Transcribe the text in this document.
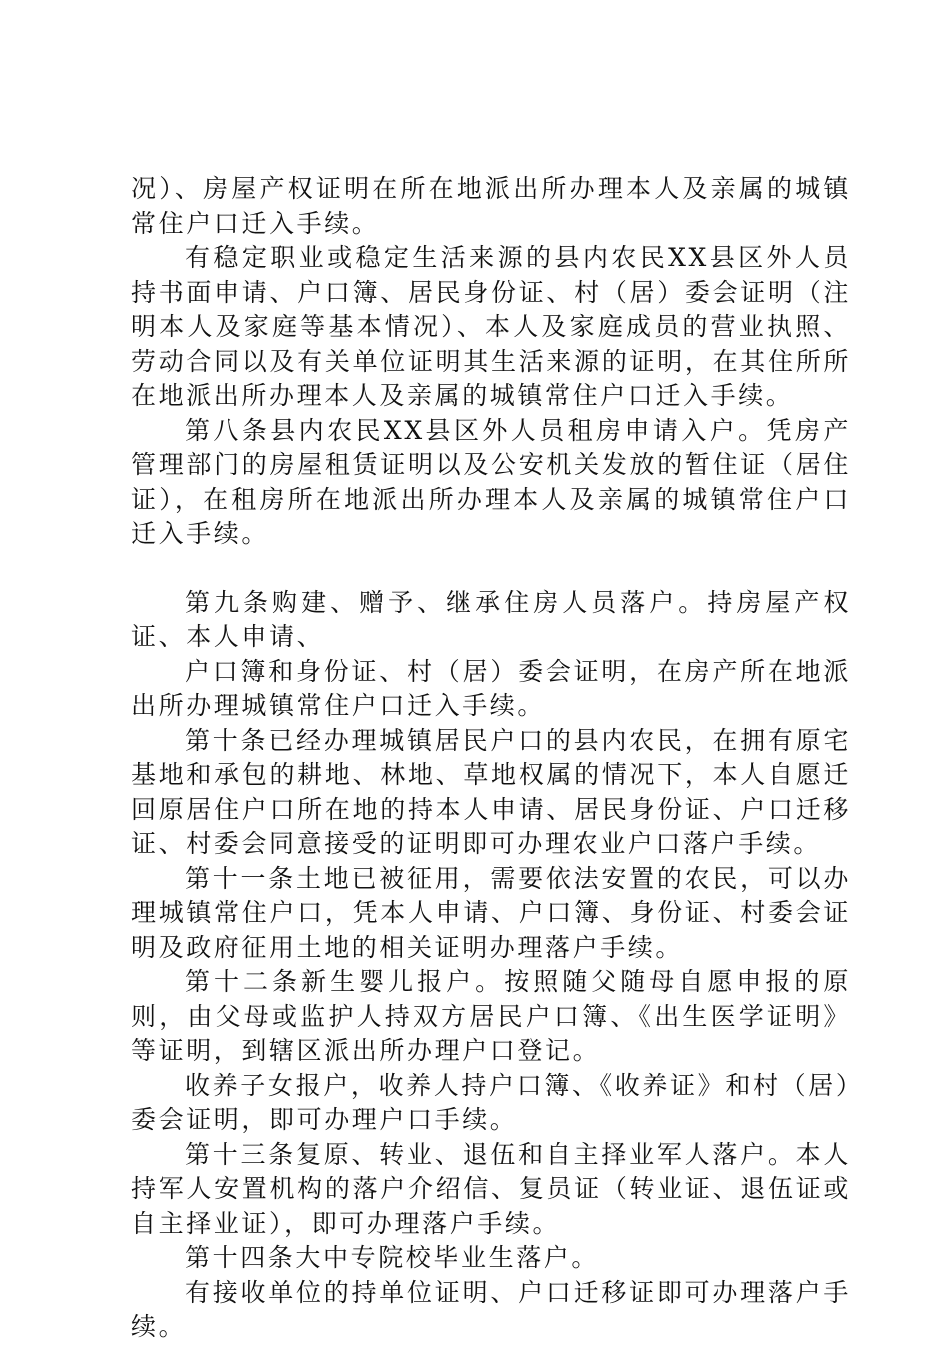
况）、房屋产权证明在所在地派出所办理本人及亲属的城镇常住户口迁入手续。

有稳定职业或稳定生活来源的县内农民XX县区外人员持书面申请、户口簿、居民身份证、村（居）委会证明（注明本人及家庭等基本情况）、本人及家庭成员的营业执照、劳动合同以及有关单位证明其生活来源的证明，在其住所所在地派出所办理本人及亲属的城镇常住户口迁入手续。

第八条县内农民XX县区外人员租房申请入户。凭房产管理部门的房屋租赁证明以及公安机关发放的暂住证（居住证），在租房所在地派出所办理本人及亲属的城镇常住户口迁入手续。

第九条购建、赠予、继承住房人员落户。持房屋产权证、本人申请、

户口簿和身份证、村（居）委会证明，在房产所在地派出所办理城镇常住户口迁入手续。

第十条已经办理城镇居民户口的县内农民，在拥有原宅基地和承包的耕地、林地、草地权属的情况下，本人自愿迁回原居住户口所在地的持本人申请、居民身份证、户口迁移证、村委会同意接受的证明即可办理农业户口落户手续。

第十一条土地已被征用，需要依法安置的农民，可以办理城镇常住户口，凭本人申请、户口簿、身份证、村委会证明及政府征用土地的相关证明办理落户手续。

第十二条新生婴儿报户。按照随父随母自愿申报的原则，由父母或监护人持双方居民户口簿、《出生医学证明》等证明，到辖区派出所办理户口登记。

收养子女报户，收养人持户口簿、《收养证》和村（居）委会证明，即可办理户口手续。

第十三条复原、转业、退伍和自主择业军人落户。本人持军人安置机构的落户介绍信、复员证（转业证、退伍证或自主择业证），即可办理落户手续。

第十四条大中专院校毕业生落户。

有接收单位的持单位证明、户口迁移证即可办理落户手续。
